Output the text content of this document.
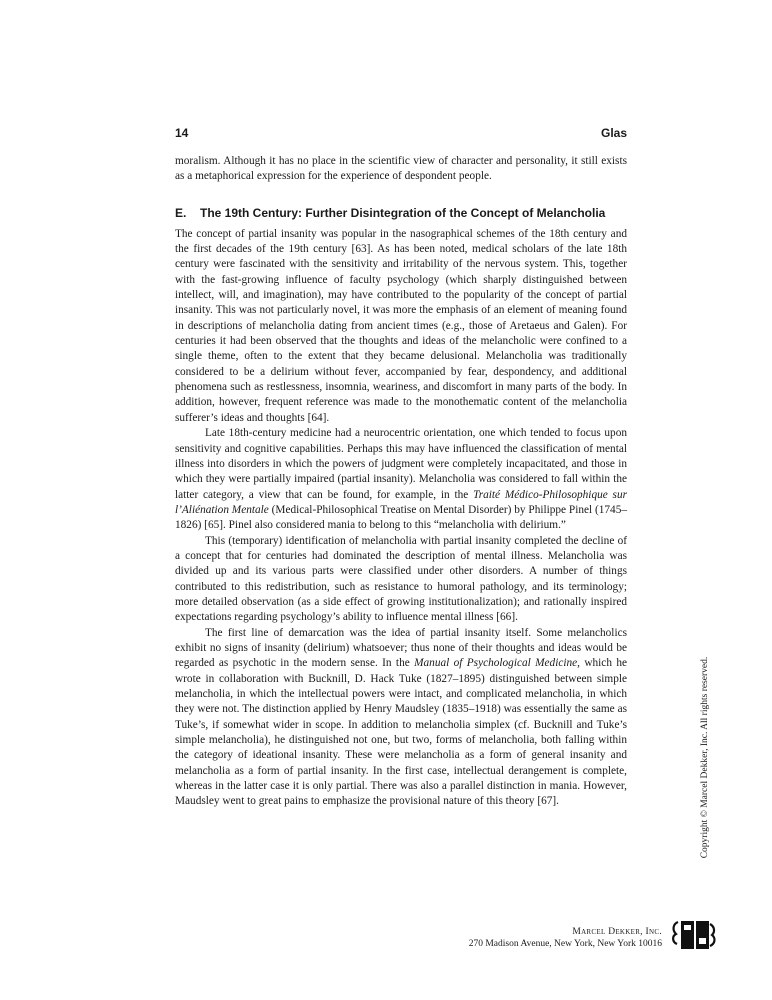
14	Glas

moralism. Although it has no place in the scientific view of character and personality, it still exists as a metaphorical expression for the experience of despondent people.

E.	The 19th Century: Further Disintegration of the Concept of Melancholia

The concept of partial insanity was popular in the nasographical schemes of the 18th century and the first decades of the 19th century [63]. As has been noted, medical scholars of the late 18th century were fascinated with the sensitivity and irritability of the nervous system. This, together with the fast-growing influence of faculty psychology (which sharply distinguished between intellect, will, and imagination), may have contributed to the popularity of the concept of partial insanity. This was not particularly novel, it was more the emphasis of an element of meaning found in descriptions of melancholia dating from ancient times (e.g., those of Aretaeus and Galen). For centuries it had been observed that the thoughts and ideas of the melancholic were confined to a single theme, often to the extent that they became delusional. Melancholia was traditionally considered to be a delirium without fever, accompanied by fear, despondency, and additional phenomena such as restlessness, insomnia, weariness, and discomfort in many parts of the body. In addition, however, frequent reference was made to the monothematic content of the melancholia sufferer’s ideas and thoughts [64].

Late 18th-century medicine had a neurocentric orientation, one which tended to focus upon sensitivity and cognitive capabilities. Perhaps this may have influenced the classification of mental illness into disorders in which the powers of judgment were completely incapacitated, and those in which they were partially impaired (partial insanity). Melancholia was considered to fall within the latter category, a view that can be found, for example, in the Traité Médico-Philosophique sur l’Aliénation Mentale (Medical-Philosophical Treatise on Mental Disorder) by Philippe Pinel (1745–1826) [65]. Pinel also considered mania to belong to this “melancholia with delirium.”

This (temporary) identification of melancholia with partial insanity completed the decline of a concept that for centuries had dominated the description of mental illness. Melancholia was divided up and its various parts were classified under other disorders. A number of things contributed to this redistribution, such as resistance to humoral pathology, and its terminology; more detailed observation (as a side effect of growing institutionalization); and rationally inspired expectations regarding psychology’s ability to influence mental illness [66].

The first line of demarcation was the idea of partial insanity itself. Some melancholics exhibit no signs of insanity (delirium) whatsoever; thus none of their thoughts and ideas would be regarded as psychotic in the modern sense. In the Manual of Psychological Medicine, which he wrote in collaboration with Bucknill, D. Hack Tuke (1827–1895) distinguished between simple melancholia, in which the intellectual powers were intact, and complicated melancholia, in which they were not. The distinction applied by Henry Maudsley (1835–1918) was essentially the same as Tuke’s, if somewhat wider in scope. In addition to melancholia simplex (cf. Bucknill and Tuke’s simple melancholia), he distinguished not one, but two, forms of melancholia, both falling within the category of ideational insanity. These were melancholia as a form of general insanity and melancholia as a form of partial insanity. In the first case, intellectual derangement is complete, whereas in the latter case it is only partial. There was also a parallel distinction in mania. However, Maudsley went to great pains to emphasize the provisional nature of this theory [67].	Copyright © Marcel Dekker, Inc. All rights reserved.
Marcel Dekker, Inc.
270 Madison Avenue, New York, New York 10016
